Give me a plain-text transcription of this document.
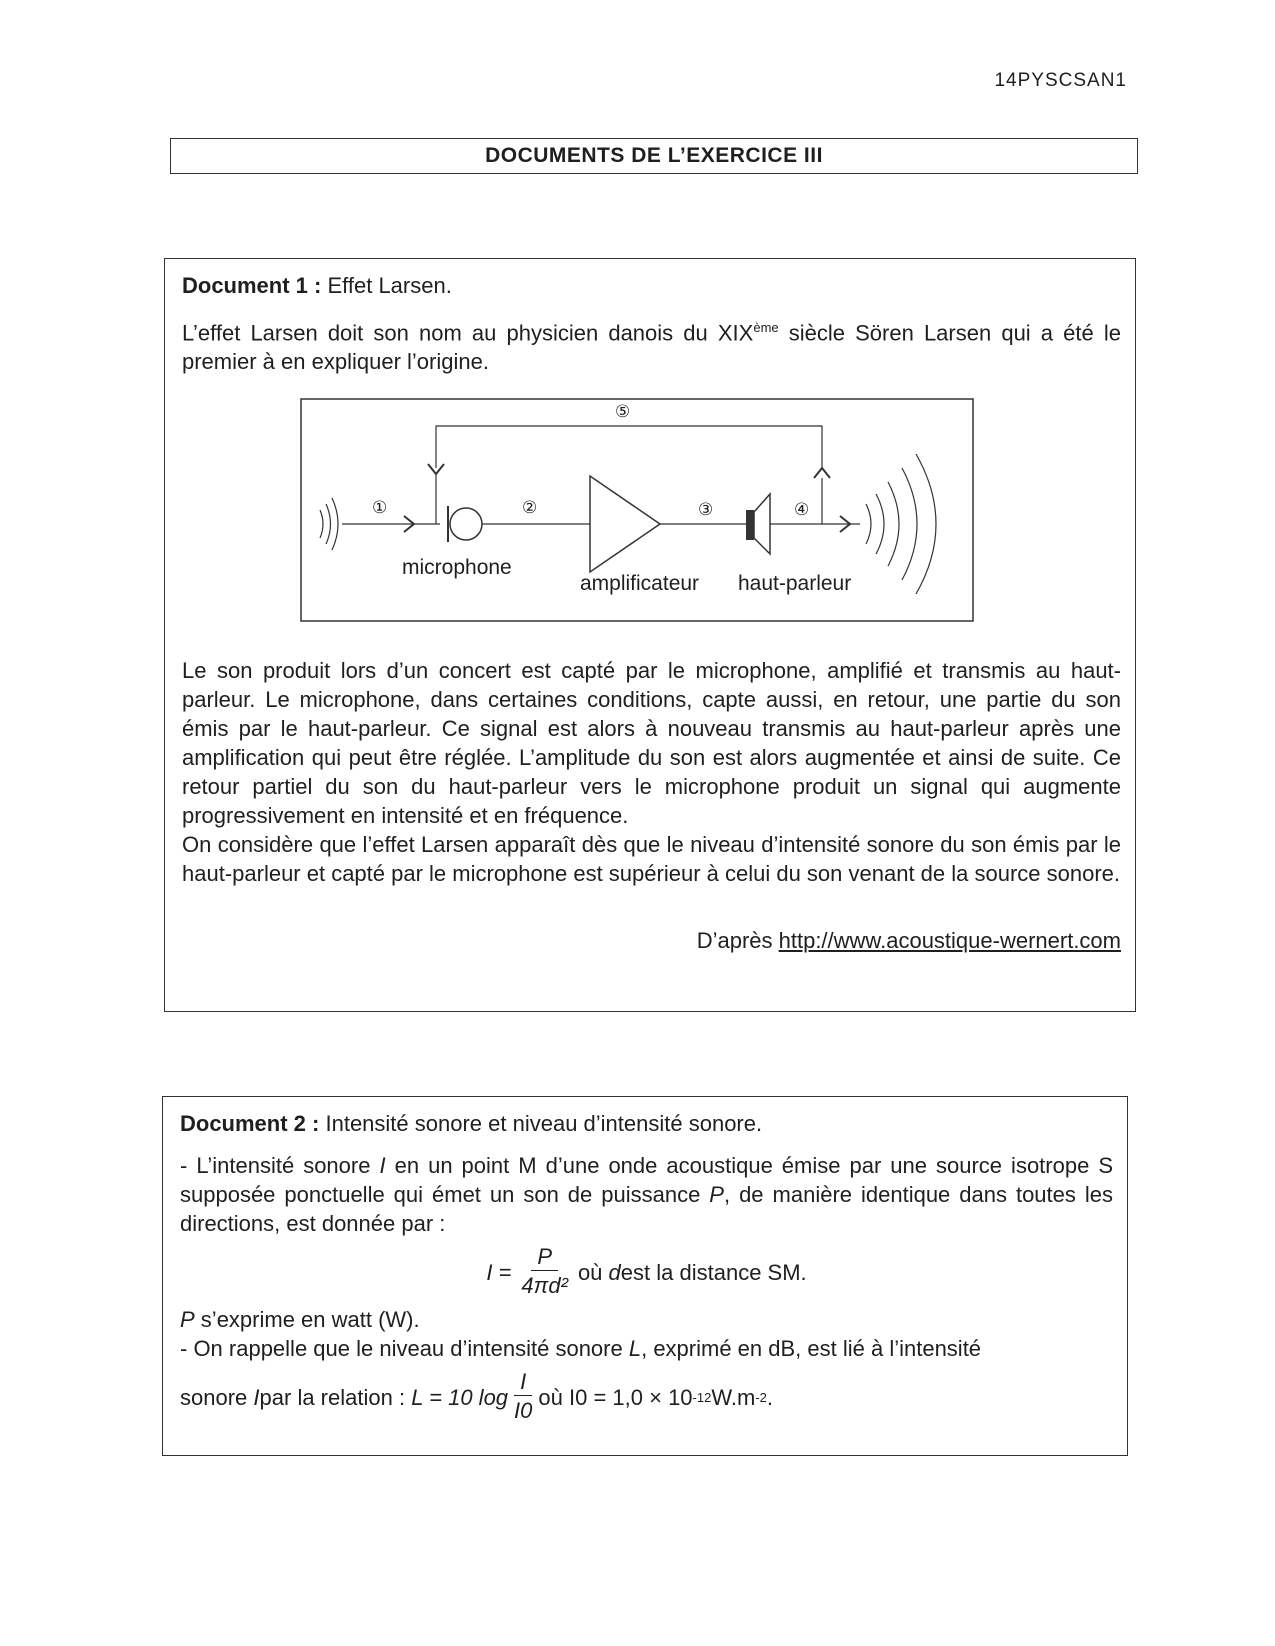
14PYSCSAN1
DOCUMENTS DE L’EXERCICE III
Document 1 : Effet Larsen.

L’effet Larsen doit son nom au physicien danois du XIXème siècle Sören Larsen qui a été le premier à en expliquer l’origine.

①	②	③	④
⑤
microphone
amplificateur haut-parleur

Le son produit lors d’un concert est capté par le microphone, amplifié et transmis au haut-parleur. Le microphone, dans certaines conditions, capte aussi, en retour, une partie du son émis par le haut-parleur. Ce signal est alors à nouveau transmis au haut-parleur après une amplification qui peut être réglée. L’amplitude du son est alors augmentée et ainsi de suite. Ce retour partiel du son du haut-parleur vers le microphone produit un signal qui augmente progressivement en intensité et en fréquence.

On considère que l’effet Larsen apparaît dès que le niveau d’intensité sonore du son émis par le haut-parleur et capté par le microphone est supérieur à celui du son venant de la source sonore.

D’après http://www.acoustique-wernert.com
Document 2 : Intensité sonore et niveau d’intensité sonore.

- L’intensité sonore I en un point M d’une onde acoustique émise par une source isotrope S supposée ponctuelle qui émet un son de puissance P, de manière identique dans toutes les directions, est donnée par :

$I = \frac{P}{\text{4πd²}}$ où
d est la distance SM.

P s’exprime en watt (W).

- On rappelle que le niveau d’intensité sonore L, exprimé en dB, est lié à l’intensité

sonore
I par la relation :
L = 10 $\log \frac{I}{I0}$ où I0 = 1,0 × 10 -12 W.m -2 .
